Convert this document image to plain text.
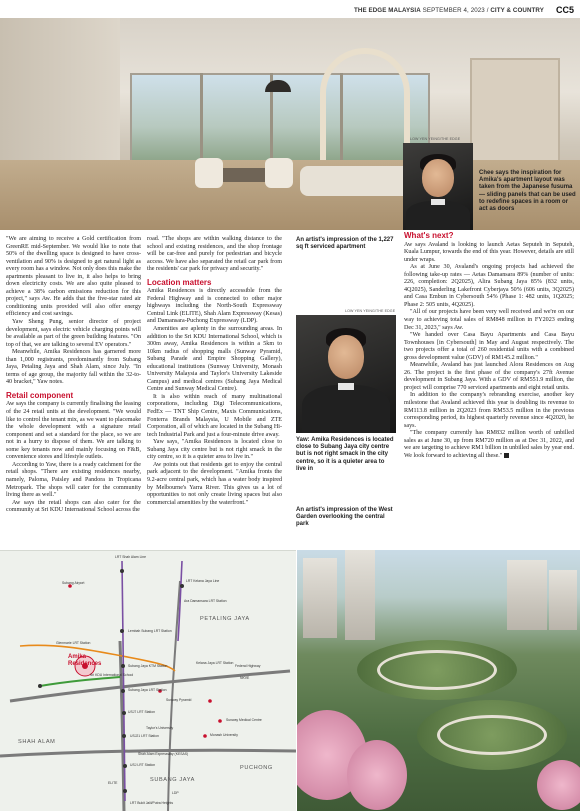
THE EDGE MALAYSIA SEPTEMBER 4, 2023 / CITY & COUNTRY CC5
LOW YEN YEING/THE EDGE
Chee says the inspiration for Amika's apartment layout was taken from the Japanese fusuma — sliding panels that can be used to redefine spaces in a room or act as doors

"We are aiming to receive a Gold certification from GreenRE mid-September. We would like to note that 50% of the dwelling space is designed to have cross-ventilation and 90% is designed to get natural light as every room has a window. Not only does this make the apartments pleasant to live in, it also helps to bring down electricity costs. We are also quite pleased to achieve a 38% carbon emissions reduction for this project," says Aw. He adds that the five-star rated air conditioning units provided will also offer energy efficiency and cost savings.

Yaw Sheng Pung, senior director of project development, says electric vehicle charging points will be available as part of the green building features. "On top of that, we are talking to several EV operators."

Meanwhile, Amika Residences has garnered more than 1,000 registrants, predominantly from Subang Jaya, Petaling Jaya and Shah Alam, since July. "In terms of age group, the majority fall within the 32-to-40 bracket," Yaw notes.

Retail component

Aw says the company is currently finalising the leasing of the 24 retail units at the development. "We would like to control the tenant mix, as we want to placemake the whole development with a signature retail component and set a standard for the place, so we are not in a hurry to dispose of them. We are talking to some key tenants now and mainly focusing on F&B, convenience stores and lifestyle outlets.

According to Yaw, there is a ready catchment for the retail shops. "There are existing residences nearby, namely, Paloma, Paisley and Pandora in Tropicana Metropark. The shops will cater for the community living there as well."

Aw says the retail shops can also cater for the community at Sri KDU International School across the

road. "The shops are within walking distance to the school and existing residences, and the shop frontage will be car-free and purely for pedestrian and bicycle access. We have also separated the retail car park from the residents' car park for privacy and security."

Location matters

Amika Residences is directly accessible from the Federal Highway and is connected to other major highways including the North-South Expressway Central Link (ELITE), Shah Alam Expressway (Kesas) and Damansara-Puchong Expressway (LDP).

Amenities are aplenty in the surrounding areas. In addition to the Sri KDU International School, which is 300m away, Amika Residences is within a 5km to 10km radius of shopping malls (Sunway Pyramid, Subang Parade and Empire Shopping Gallery), educational institutions (Sunway University, Monash University Malaysia and Taylor's University Lakeside Campus) and medical centres (Subang Jaya Medical Centre and Sunway Medical Centre).

It is also within reach of many multinational corporations, including Digi Telecommunications, FedEx — TNT Ship Centre, Maxis Communications, Fonterra Brands Malaysia, U Mobile and ZTE Corporation, all of which are located in the Subang Hi-tech Industrial Park and just a four-minute drive away.

Yaw says, "Amika Residences is located close to Subang Jaya city centre but is not right smack in the city centre, so it is a quieter area to live in."

Aw points out that residents get to enjoy the central park adjacent to the development. "Amika fronts the 9.2-acre central park, which has a water body inspired by Melbourne's Yarra River. This gives us a lot of opportunities to not only create living spaces but also commercial amenities by the waterfront."

An artist's impression of the 1,227 sq ft serviced apartment
LOW YEN YEING/THE EDGE
Yaw: Amika Residences is located close to Subang Jaya city centre but is not right smack in the city centre, so it is a quieter area to live in
An artist's impression of the West Garden overlooking the central park
What's next?

Aw says Avaland is looking to launch Aetas Seputeh in Seputeh, Kuala Lumpur, towards the end of this year. However, details are still under wraps.

As at June 30, Avaland's ongoing projects had achieved the following take-up rates — Aetas Damansara 89% (number of units: 226, completion: 2Q2025), Alira Subang Jaya 85% (832 units, 4Q2025), Sanderling Lakefront Cyberjaya 50% (606 units, 3Q2025) and Casa Embun in Cybersouth 54% (Phase 1: 482 units, 1Q2025; Phase 2: 505 units, 4Q2025).

"All of our projects have been very well received and we're on our way to achieving total sales of RM848 million in FY2023 ending Dec 31, 2023," says Aw.

"We handed over Casa Bayu Apartments and Casa Bayu Townhouses [in Cybersouth] in May and August respectively. The two projects offer a total of 260 residential units with a combined gross development value (GDV) of RM145.2 million."

Meanwhile, Avaland has just launched Alora Residences on Aug 26. The project is the first phase of the company's 27ft Avenue development in Subang Jaya. With a GDV of RM551.9 million, the project will comprise 770 serviced apartments and eight retail units.

In addition to the company's rebranding exercise, another key milestone that Avaland achieved this year is doubling its revenue to RM113.8 million in 2Q2023 from RM53.5 million in the previous corresponding period, its highest quarterly revenue since 4Q2020, he says.

"The company currently has RM832 million worth of unbilled sales as at June 30, up from RM720 million as at Dec 31, 2022, and we are targeting to achieve RM1 billion in unbilled sales by year end. We look forward to achieving all these."

LRT Shah Alam Line
Subang Airport	LRT Kelana Jaya Line
PETALING JAYA
Ara Damansara LRT Station
Lembah Subang LRT Station
Glenmarie LRT Station
Subang Jaya KTM Station
Kelana Jaya LRT Station
Federal Highway
NKVE
Sri KDU International School
Subang Jaya LRT Station
USJ7 LRT Station
Sunway Pyramid
Sunway Medical Centre
Taylor's University
Monash University
USJ21 LRT Station
SHAH ALAM
SUBANG JAYA
PUCHONG
Shah Alam Expressway (KESAS)
ELITE
LDP
USJ LRT Station
LRT Bukit Jalil/Putra Heights
Amika
Residences
